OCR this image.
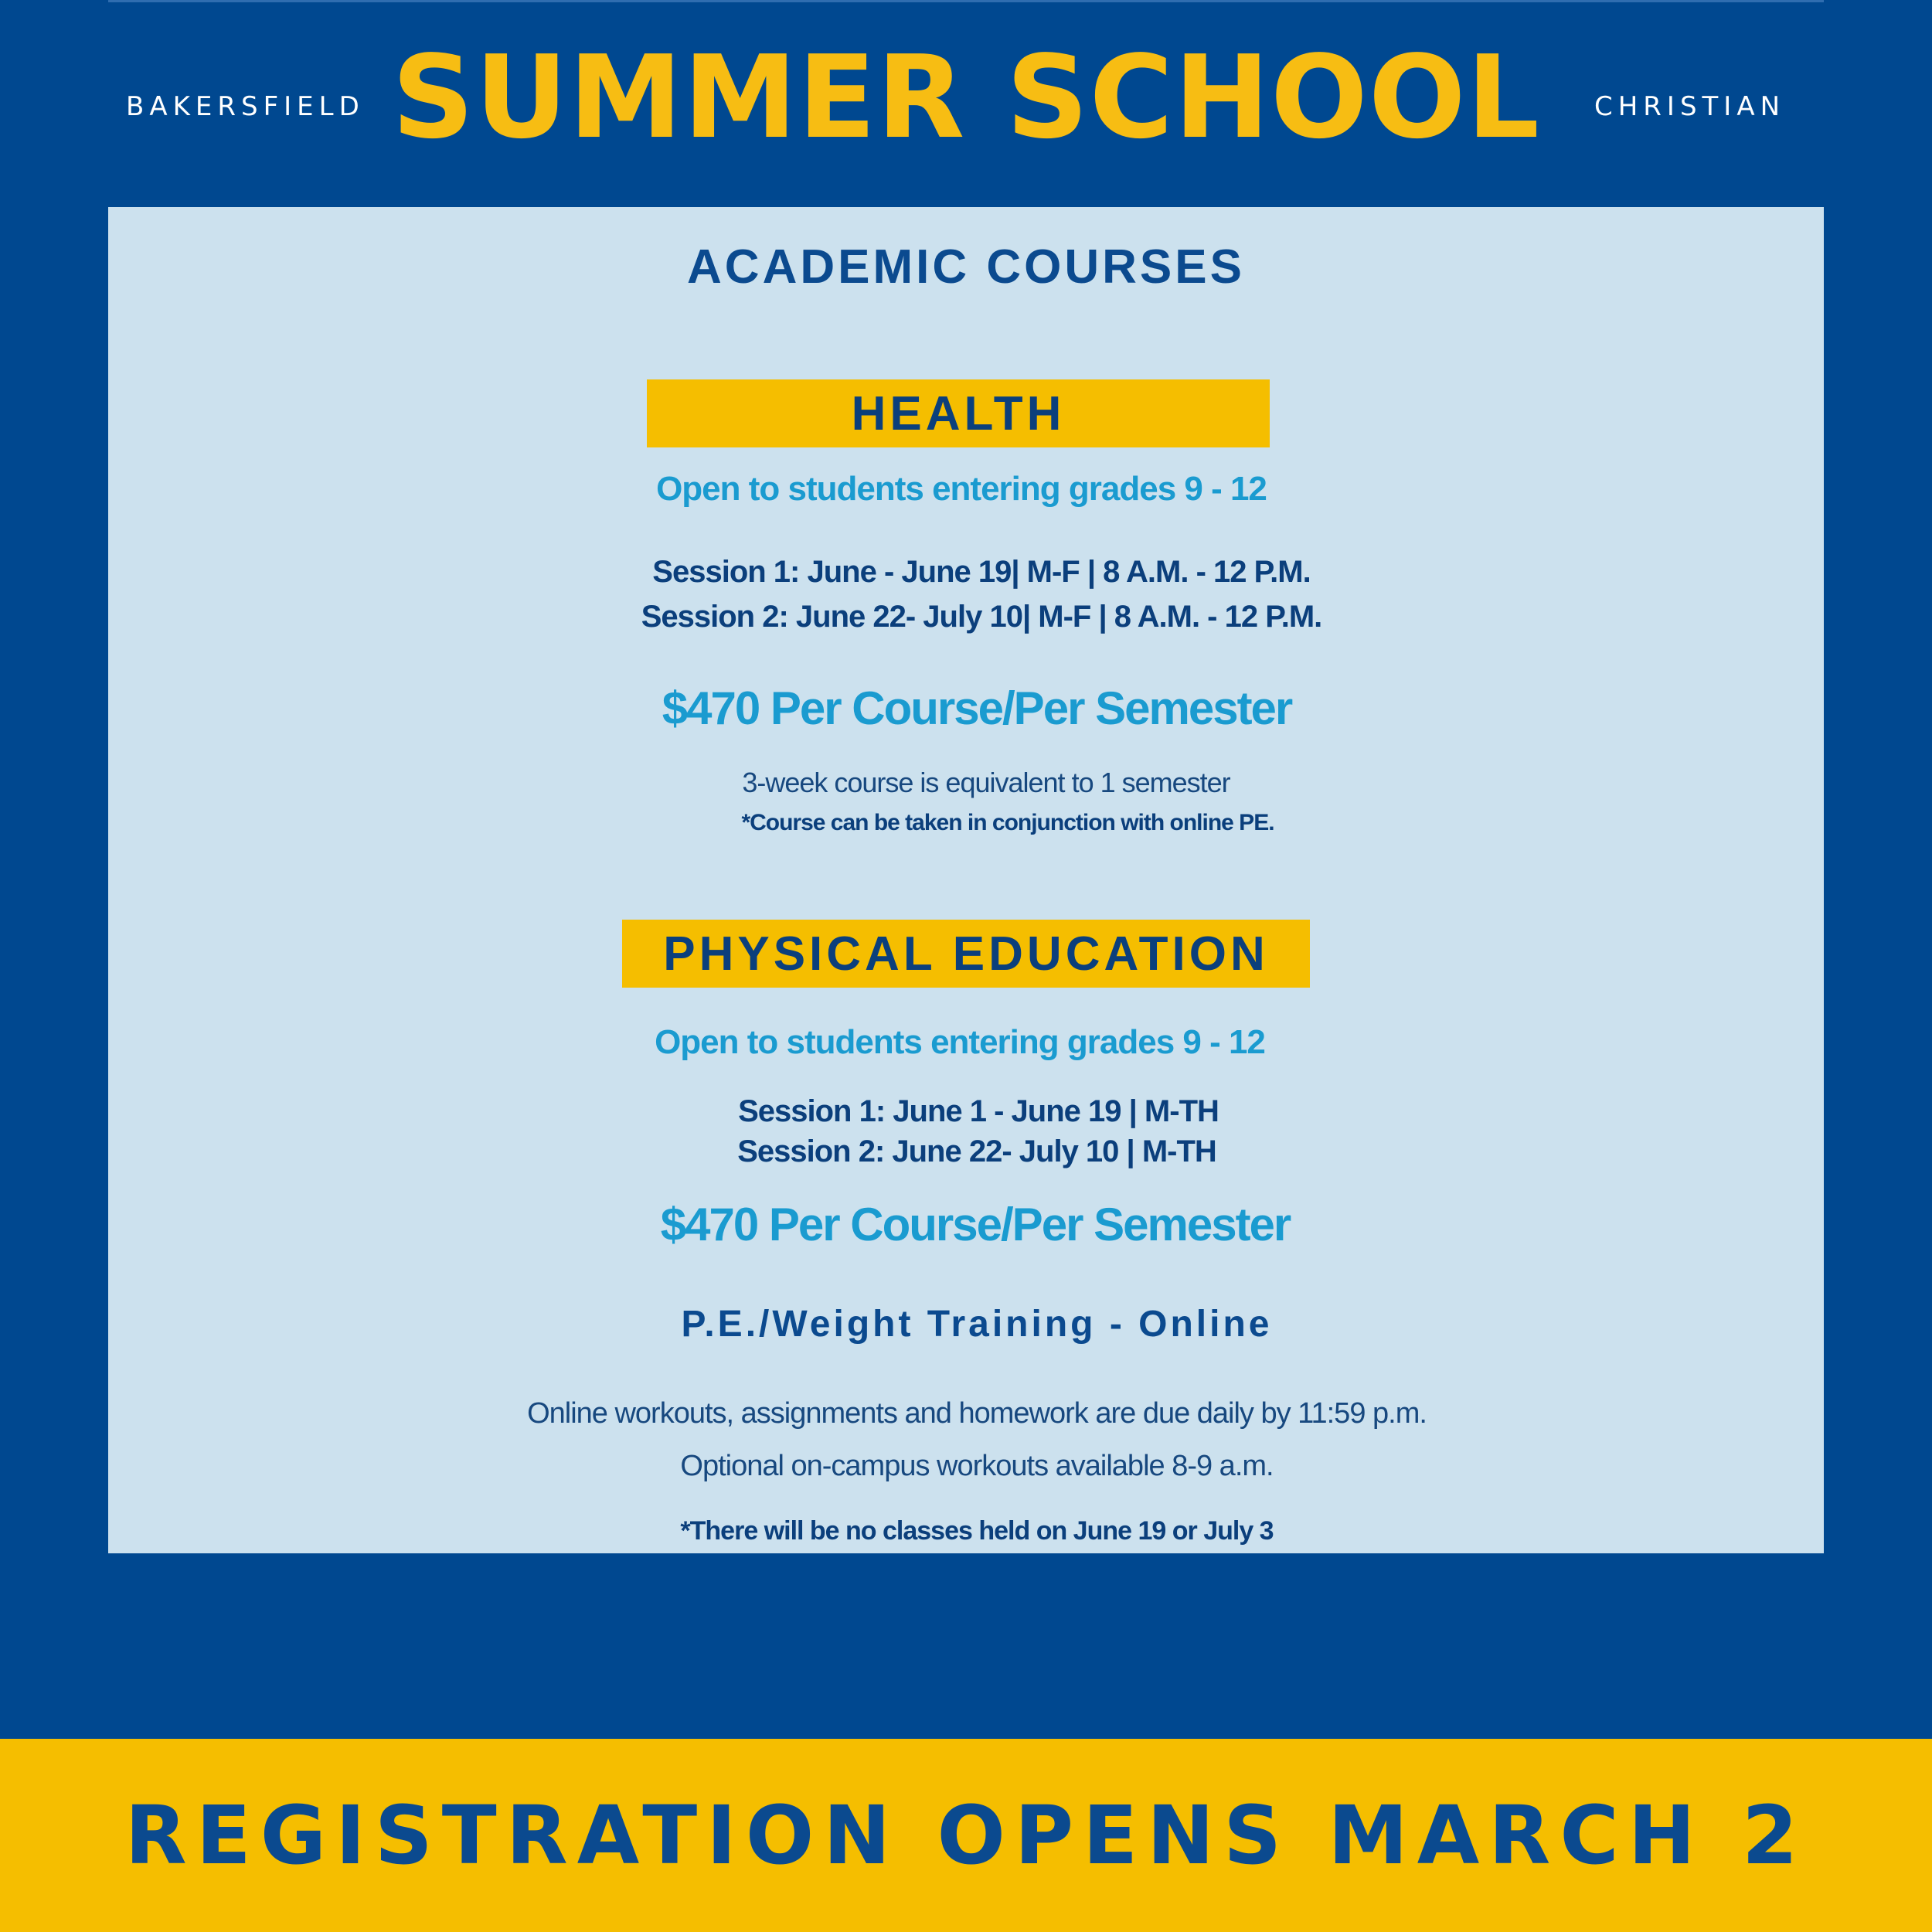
BAKERSFIELD SUMMER SCHOOL CHRISTIAN

ACADEMIC COURSES

HEALTH

Open to students entering grades 9 - 12

Session 1: June - June 19| M-F | 8 A.M. - 12 P.M.

Session 2: June 22- July 10| M-F | 8 A.M. - 12 P.M.

$470 Per Course/Per Semester

3-week course is equivalent to 1 semester

*Course can be taken in conjunction with online PE.

PHYSICAL EDUCATION

Open to students entering grades 9 - 12

Session 1: June 1 - June 19 | M-TH

Session 2: June 22- July 10 | M-TH

$470 Per Course/Per Semester

P.E./Weight Training - Online

Online workouts, assignments and homework are due daily by 11:59 p.m.

Optional on-campus workouts available 8-9 a.m.

*There will be no classes held on June 19 or July 3

REGISTRATION OPENS MARCH 2
